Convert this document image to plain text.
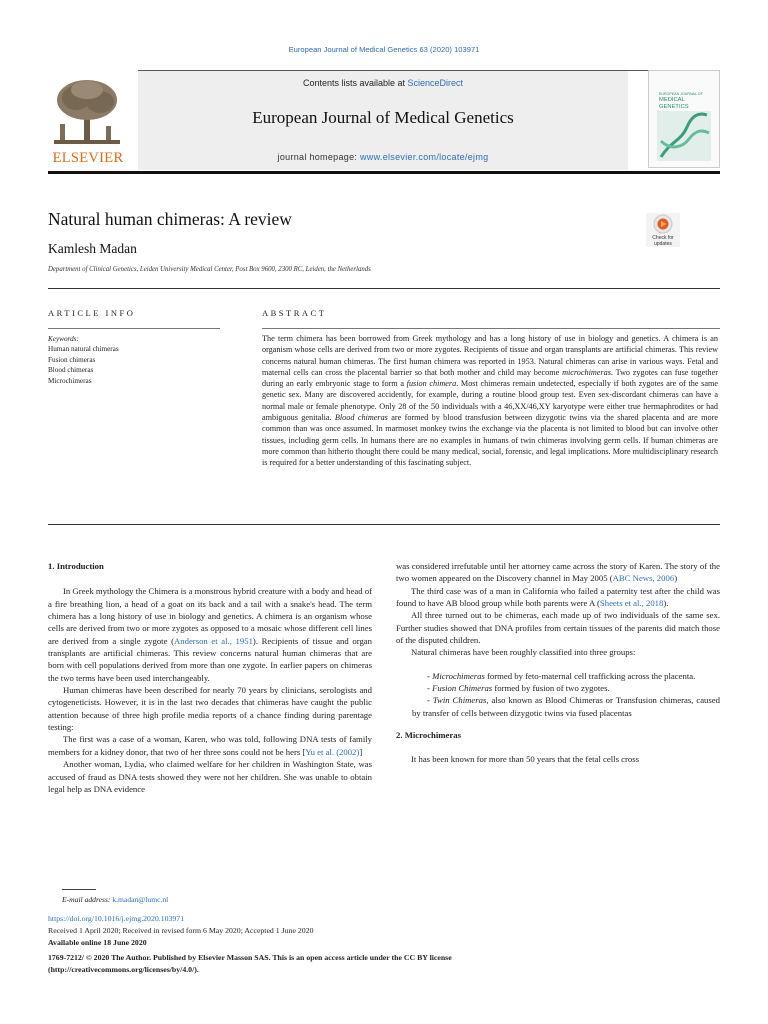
European Journal of Medical Genetics 63 (2020) 103971
ELSEVIER
Contents lists available at ScienceDirect
European Journal of Medical Genetics
journal homepage: www.elsevier.com/locate/ejmg
EUROPEAN JOURNAL OF
MEDICAL
GENETICS
Natural human chimeras: A review
Kamlesh Madan
Department of Clinical Genetics, Leiden University Medical Center, Post Box 9600, 2300 RC, Leiden, the Netherlands
Check for
updates
ARTICLE INFO
Keywords:
Human natural chimeras
Fusion chimeras
Blood chimeras
Microchimeras
ABSTRACT
The term chimera has been borrowed from Greek mythology and has a long history of use in biology and genetics. A chimera is an organism whose cells are derived from two or more zygotes. Recipients of tissue and organ transplants are artificial chimeras. This review concerns natural human chimeras. The first human chimera was reported in 1953. Natural chimeras can arise in various ways. Fetal and maternal cells can cross the placental barrier so that both mother and child may become microchimeras. Two zygotes can fuse together during an early embryonic stage to form a fusion chimera. Most chimeras remain undetected, especially if both zygotes are of the same genetic sex. Many are discovered accidently, for example, during a routine blood group test. Even sex-discordant chimeras can have a normal male or female phenotype. Only 28 of the 50 individuals with a 46,XX/46,XY karyotype were either true hermaphrodites or had ambiguous genitalia. Blood chimeras are formed by blood transfusion between dizygotic twins via the shared placenta and are more common than was once assumed. In marmoset monkey twins the exchange via the placenta is not limited to blood but can involve other tissues, including germ cells. In humans there are no examples in humans of twin chimeras involving germ cells. If human chimeras are more common than hitherto thought there could be many medical, social, forensic, and legal implications. More multidisciplinary research is required for a better understanding of this fascinating subject.

1. Introduction

In Greek mythology the Chimera is a monstrous hybrid creature with a body and head of a fire breathing lion, a head of a goat on its back and a tail with a snake's head. The term chimera has a long history of use in biology and genetics. A chimera is an organism whose cells are derived from two or more zygotes as opposed to a mosaic whose different cell lines are derived from a single zygote (Anderson et al., 1951). Recipients of tissue and organ transplants are artificial chimeras. This review concerns natural human chimeras that are born with cell populations derived from more than one zygote. In earlier papers on chimeras the two terms have been used interchangeably.

Human chimeras have been described for nearly 70 years by clinicians, serologists and cytogeneticists. However, it is in the last two decades that chimeras have caught the public attention because of three high profile media reports of a chance finding during parentage testing:

The first was a case of a woman, Karen, who was told, following DNA tests of family members for a kidney donor, that two of her three sons could not be hers [Yu et al. (2002)]

Another woman, Lydia, who claimed welfare for her children in Washington State, was accused of fraud as DNA tests showed they were not her children. She was unable to obtain legal help as DNA evidence

was considered irrefutable until her attorney came across the story of Karen. The story of the two women appeared on the Discovery channel in May 2005 (ABC News, 2006)

The third case was of a man in California who failed a paternity test after the child was found to have AB blood group while both parents were A (Sheets et al., 2018).

All three turned out to be chimeras, each made up of two individuals of the same sex. Further studies showed that DNA profiles from certain tissues of the parents did match those of the disputed children.

Natural chimeras have been roughly classified into three groups:

- Microchimeras formed by feto-maternal cell trafficking across the placenta.

- Fusion Chimeras formed by fusion of two zygotes.

- Twin Chimeras, also known as Blood Chimeras or Transfusion chimeras, caused by transfer of cells between dizygotic twins via fused placentas

2. Microchimeras

It has been known for more than 50 years that the fetal cells cross

E-mail address: k.madan@lumc.nl
https://doi.org/10.1016/j.ejmg.2020.103971
Received 1 April 2020; Received in revised form 6 May 2020; Accepted 1 June 2020
Available online 18 June 2020
1769-7212/ © 2020 The Author. Published by Elsevier Masson SAS. This is an open access article under the CC BY license
(http://creativecommons.org/licenses/by/4.0/).
